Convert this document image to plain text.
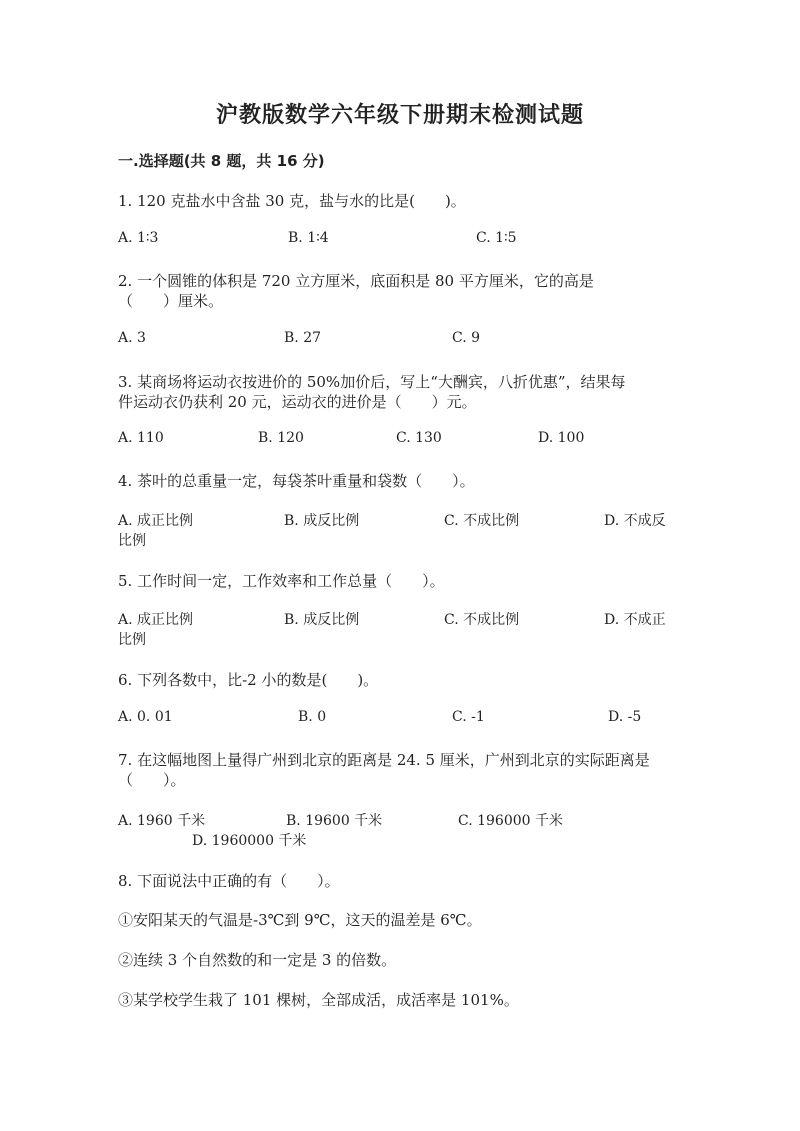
沪教版数学六年级下册期末检测试题
一.选择题(共 8 题，共 16 分)
1. 120 克盐水中含盐 30 克，盐与水的比是(　　)。
A. 1∶3	B. 1∶4	C. 1∶5
2. 一个圆锥的体积是 720 立方厘米，底面积是 80 平方厘米，它的高是
（　　）厘米。
A. 3	B. 27	C. 9
3. 某商场将运动衣按进价的 50%加价后，写上“大酬宾，八折优惠”，结果每
件运动衣仍获利 20 元，运动衣的进价是（　　）元。
A. 110	B. 120	C. 130	D. 100
4. 茶叶的总重量一定，每袋茶叶重量和袋数（　　）。
A. 成正比例	B. 成反比例	C. 不成比例	D. 不成反
比例
5. 工作时间一定，工作效率和工作总量（　　）。
A. 成正比例	B. 成反比例	C. 不成比例	D. 不成正
比例
6. 下列各数中，比-2 小的数是(　　)。
A. 0. 01	B. 0	C. -1	D. -5
7. 在这幅地图上量得广州到北京的距离是 24. 5 厘米，广州到北京的实际距离是
（　　）。
A. 1960 千米	B. 19600 千米	C. 196000 千米
D. 1960000 千米
8. 下面说法中正确的有（　　）。
①安阳某天的气温是-3℃到 9℃，这天的温差是 6℃。
②连续 3 个自然数的和一定是 3 的倍数。
③某学校学生栽了 101 棵树，全部成活，成活率是 101%。
